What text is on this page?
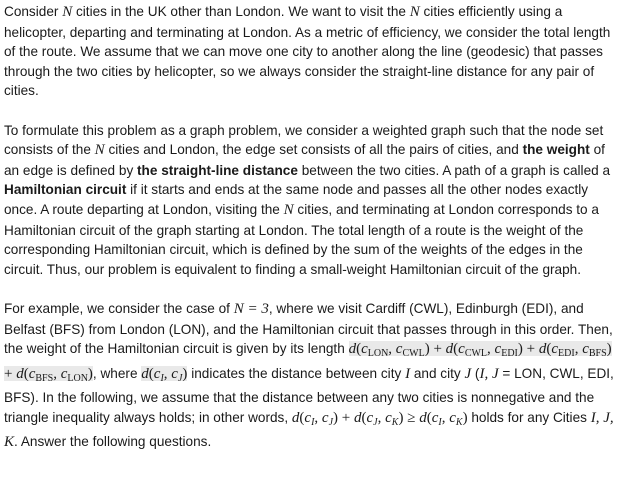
Consider N cities in the UK other than London. We want to visit the N cities efficiently using a helicopter, departing and terminating at London. As a metric of efficiency, we consider the total length of the route. We assume that we can move one city to another along the line (geodesic) that passes through the two cities by helicopter, so we always consider the straight-line distance for any pair of cities.

To formulate this problem as a graph problem, we consider a weighted graph such that the node set consists of the N cities and London, the edge set consists of all the pairs of cities, and the weight of an edge is defined by the straight-line distance between the two cities. A path of a graph is called a Hamiltonian circuit if it starts and ends at the same node and passes all the other nodes exactly once. A route departing at London, visiting the N cities, and terminating at London corresponds to a Hamiltonian circuit of the graph starting at London. The total length of a route is the weight of the corresponding Hamiltonian circuit, which is defined by the sum of the weights of the edges in the circuit. Thus, our problem is equivalent to finding a small-weight Hamiltonian circuit of the graph.

For example, we consider the case of N = 3, where we visit Cardiff (CWL), Edinburgh (EDI), and Belfast (BFS) from London (LON), and the Hamiltonian circuit that passes through in this order. Then, the weight of the Hamiltonian circuit is given by its length $d(c_{LON}$, $c_{CWL}) + d(c_{CWL}$, $c_{EDI}) + d(c_{EDI}$, $c_{BFS}) + d(c_{BFS}$, $c_{LON}$), where $d(c_I$, $c_J$) indicates the distance between city I and city J (I, J = LON, CWL, EDI, BFS). In the following, we assume that the distance between any two cities is nonnegative and the triangle inequality always holds; in other words, $d(c_I$, $c_J) + d(c_J$, $c_K) \ge d(c_I$, $c_K$) holds for any Cities I, J, K. Answer the following questions.
